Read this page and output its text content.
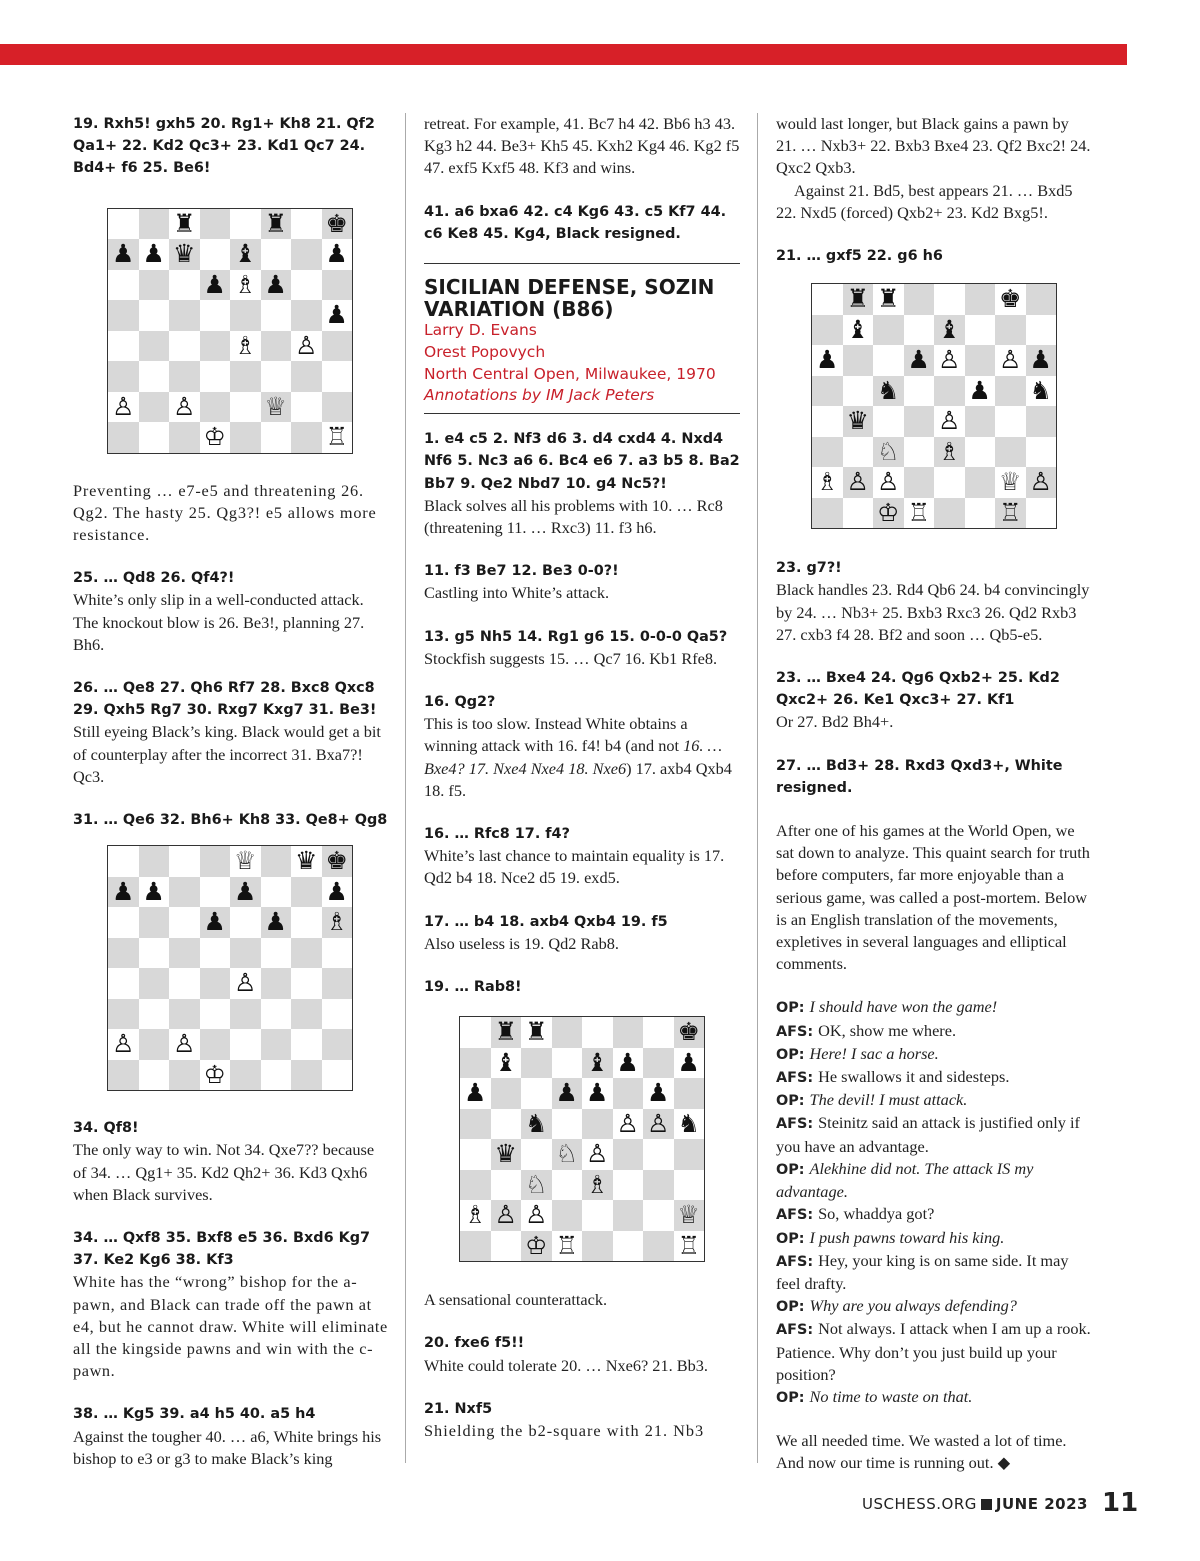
19. Rxh5! gxh5 20. Rg1+ Kh8 21. Qf2 Qa1+ 22. Kd2 Qc3+ 23. Kd1 Qc7 24. Bd4+ f6 25. Be6!
♜	♜ ♚
♟ ♟ ♛ ♝	♟
♟ ♗ ♟
♟
♗ ♙
♙ ♙	♕
♔	♖
Preventing … e7-e5 and threatening 26. Qg2. The hasty 25. Qg3?! e5 allows more resistance.
25. … Qd8 26. Qf4?!
White’s only slip in a well-conducted attack. The knockout blow is 26. Be3!, planning 27. Bh6.
26. … Qe8 27. Qh6 Rf7 28. Bxc8 Qxc8 29. Qxh5 Rg7 30. Rxg7 Kxg7 31. Be3!
Still eyeing Black’s king. Black would get a bit of counterplay after the incorrect 31. Bxa7?! Qc3.
31. … Qe6 32. Bh6+ Kh8 33. Qe8+ Qg8
♕ ♛ ♚
♟ ♟	♟	♟
♟ ♟ ♗
♙
♙ ♙
♔
34. Qf8!
The only way to win. Not 34. Qxe7?? because of 34. … Qg1+ 35. Kd2 Qh2+ 36. Kd3 Qxh6 when Black survives.
34. … Qxf8 35. Bxf8 e5 36. Bxd6 Kg7 37. Ke2 Kg6 38. Kf3
White has the “wrong” bishop for the a-pawn, and Black can trade off the pawn at e4, but he cannot draw. White will eliminate all the kingside pawns and win with the c-pawn.
38. … Kg5 39. a4 h5 40. a5 h4
Against the tougher 40. … a6, White brings his bishop to e3 or g3 to make Black’s king
retreat. For example, 41. Bc7 h4 42. Bb6 h3 43. Kg3 h2 44. Be3+ Kh5 45. Kxh2 Kg4 46. Kg2 f5 47. exf5 Kxf5 48. Kf3 and wins.
41. a6 bxa6 42. c4 Kg6 43. c5 Kf7 44. c6 Ke8 45. Kg4, Black resigned.
SICILIAN DEFENSE, SOZIN VARIATION (B86)
Larry D. Evans
Orest Popovych
North Central Open, Milwaukee, 1970
Annotations by IM Jack Peters
1. e4 c5 2. Nf3 d6 3. d4 cxd4 4. Nxd4 Nf6 5. Nc3 a6 6. Bc4 e6 7. a3 b5 8. Ba2 Bb7 9. Qe2 Nbd7 10. g4 Nc5?!
Black solves all his problems with 10. … Rc8 (threatening 11. … Rxc3) 11. f3 h6.
11. f3 Be7 12. Be3 0-0?!
Castling into White’s attack.
13. g5 Nh5 14. Rg1 g6 15. 0-0-0 Qa5?
Stockfish suggests 15. … Qc7 16. Kb1 Rfe8.
16. Qg2?
This is too slow. Instead White obtains a winning attack with 16. f4! b4 (and not 16. … Bxe4? 17. Nxe4 Nxe4 18. Nxe6) 17. axb4 Qxb4 18. f5.
16. … Rfc8 17. f4?
White’s last chance to maintain equality is 17. Qd2 b4 18. Nce2 d5 19. exd5.
17. … b4 18. axb4 Qxb4 19. f5
Also useless is 19. Qd2 Rab8.
19. … Rab8!
♜ ♜	♚
♝	♝ ♟ ♟
♟	♟ ♟ ♟
♞	♙ ♙ ♞
♛ ♘ ♙
♘ ♗
♗ ♙ ♙	♕
♔ ♖	♖
A sensational counterattack.
20. fxe6 f5!!
White could tolerate 20. … Nxe6? 21. Bb3.
21. Nxf5
Shielding the b2-square with 21. Nb3
would last longer, but Black gains a pawn by 21. … Nxb3+ 22. Bxb3 Bxe4 23. Qf2 Bxc2! 24. Qxc2 Qxb3.
Against 21. Bd5, best appears 21. … Bxd5 22. Nxd5 (forced) Qxb2+ 23. Kd2 Bxg5!.
21. … gxf5 22. g6 h6
♜ ♜	♚
♝	♝
♟	♟ ♙ ♙ ♟
♞	♟ ♞
♛	♙
♘ ♗
♗ ♙ ♙	♕ ♙
♔ ♖	♖
23. g7?!
Black handles 23. Rd4 Qb6 24. b4 convincingly by 24. … Nb3+ 25. Bxb3 Rxc3 26. Qd2 Rxb3 27. cxb3 f4 28. Bf2 and soon … Qb5-e5.
23. … Bxe4 24. Qg6 Qxb2+ 25. Kd2 Qxc2+ 26. Ke1 Qxc3+ 27. Kf1
Or 27. Bd2 Bh4+.
27. … Bd3+ 28. Rxd3 Qxd3+, White resigned.
After one of his games at the World Open, we sat down to analyze. This quaint search for truth before computers, far more enjoyable than a serious game, was called a post-mortem. Below is an English translation of the movements, expletives in several languages and elliptical comments.
OP: I should have won the game!
AFS: OK, show me where.
OP: Here! I sac a horse.
AFS: He swallows it and sidesteps.
OP: The devil! I must attack.
AFS: Steinitz said an attack is justified only if you have an advantage.
OP: Alekhine did not. The attack IS my advantage.
AFS: So, whaddya got?
OP: I push pawns toward his king.
AFS: Hey, your king is on same side. It may feel drafty.
OP: Why are you always defending?
AFS: Not always. I attack when I am up a rook. Patience. Why don’t you just build up your position?
OP: No time to waste on that.
We all needed time. We wasted a lot of time. And now our time is running out. ◆
USCHESS.ORG JUNE 2023 11
